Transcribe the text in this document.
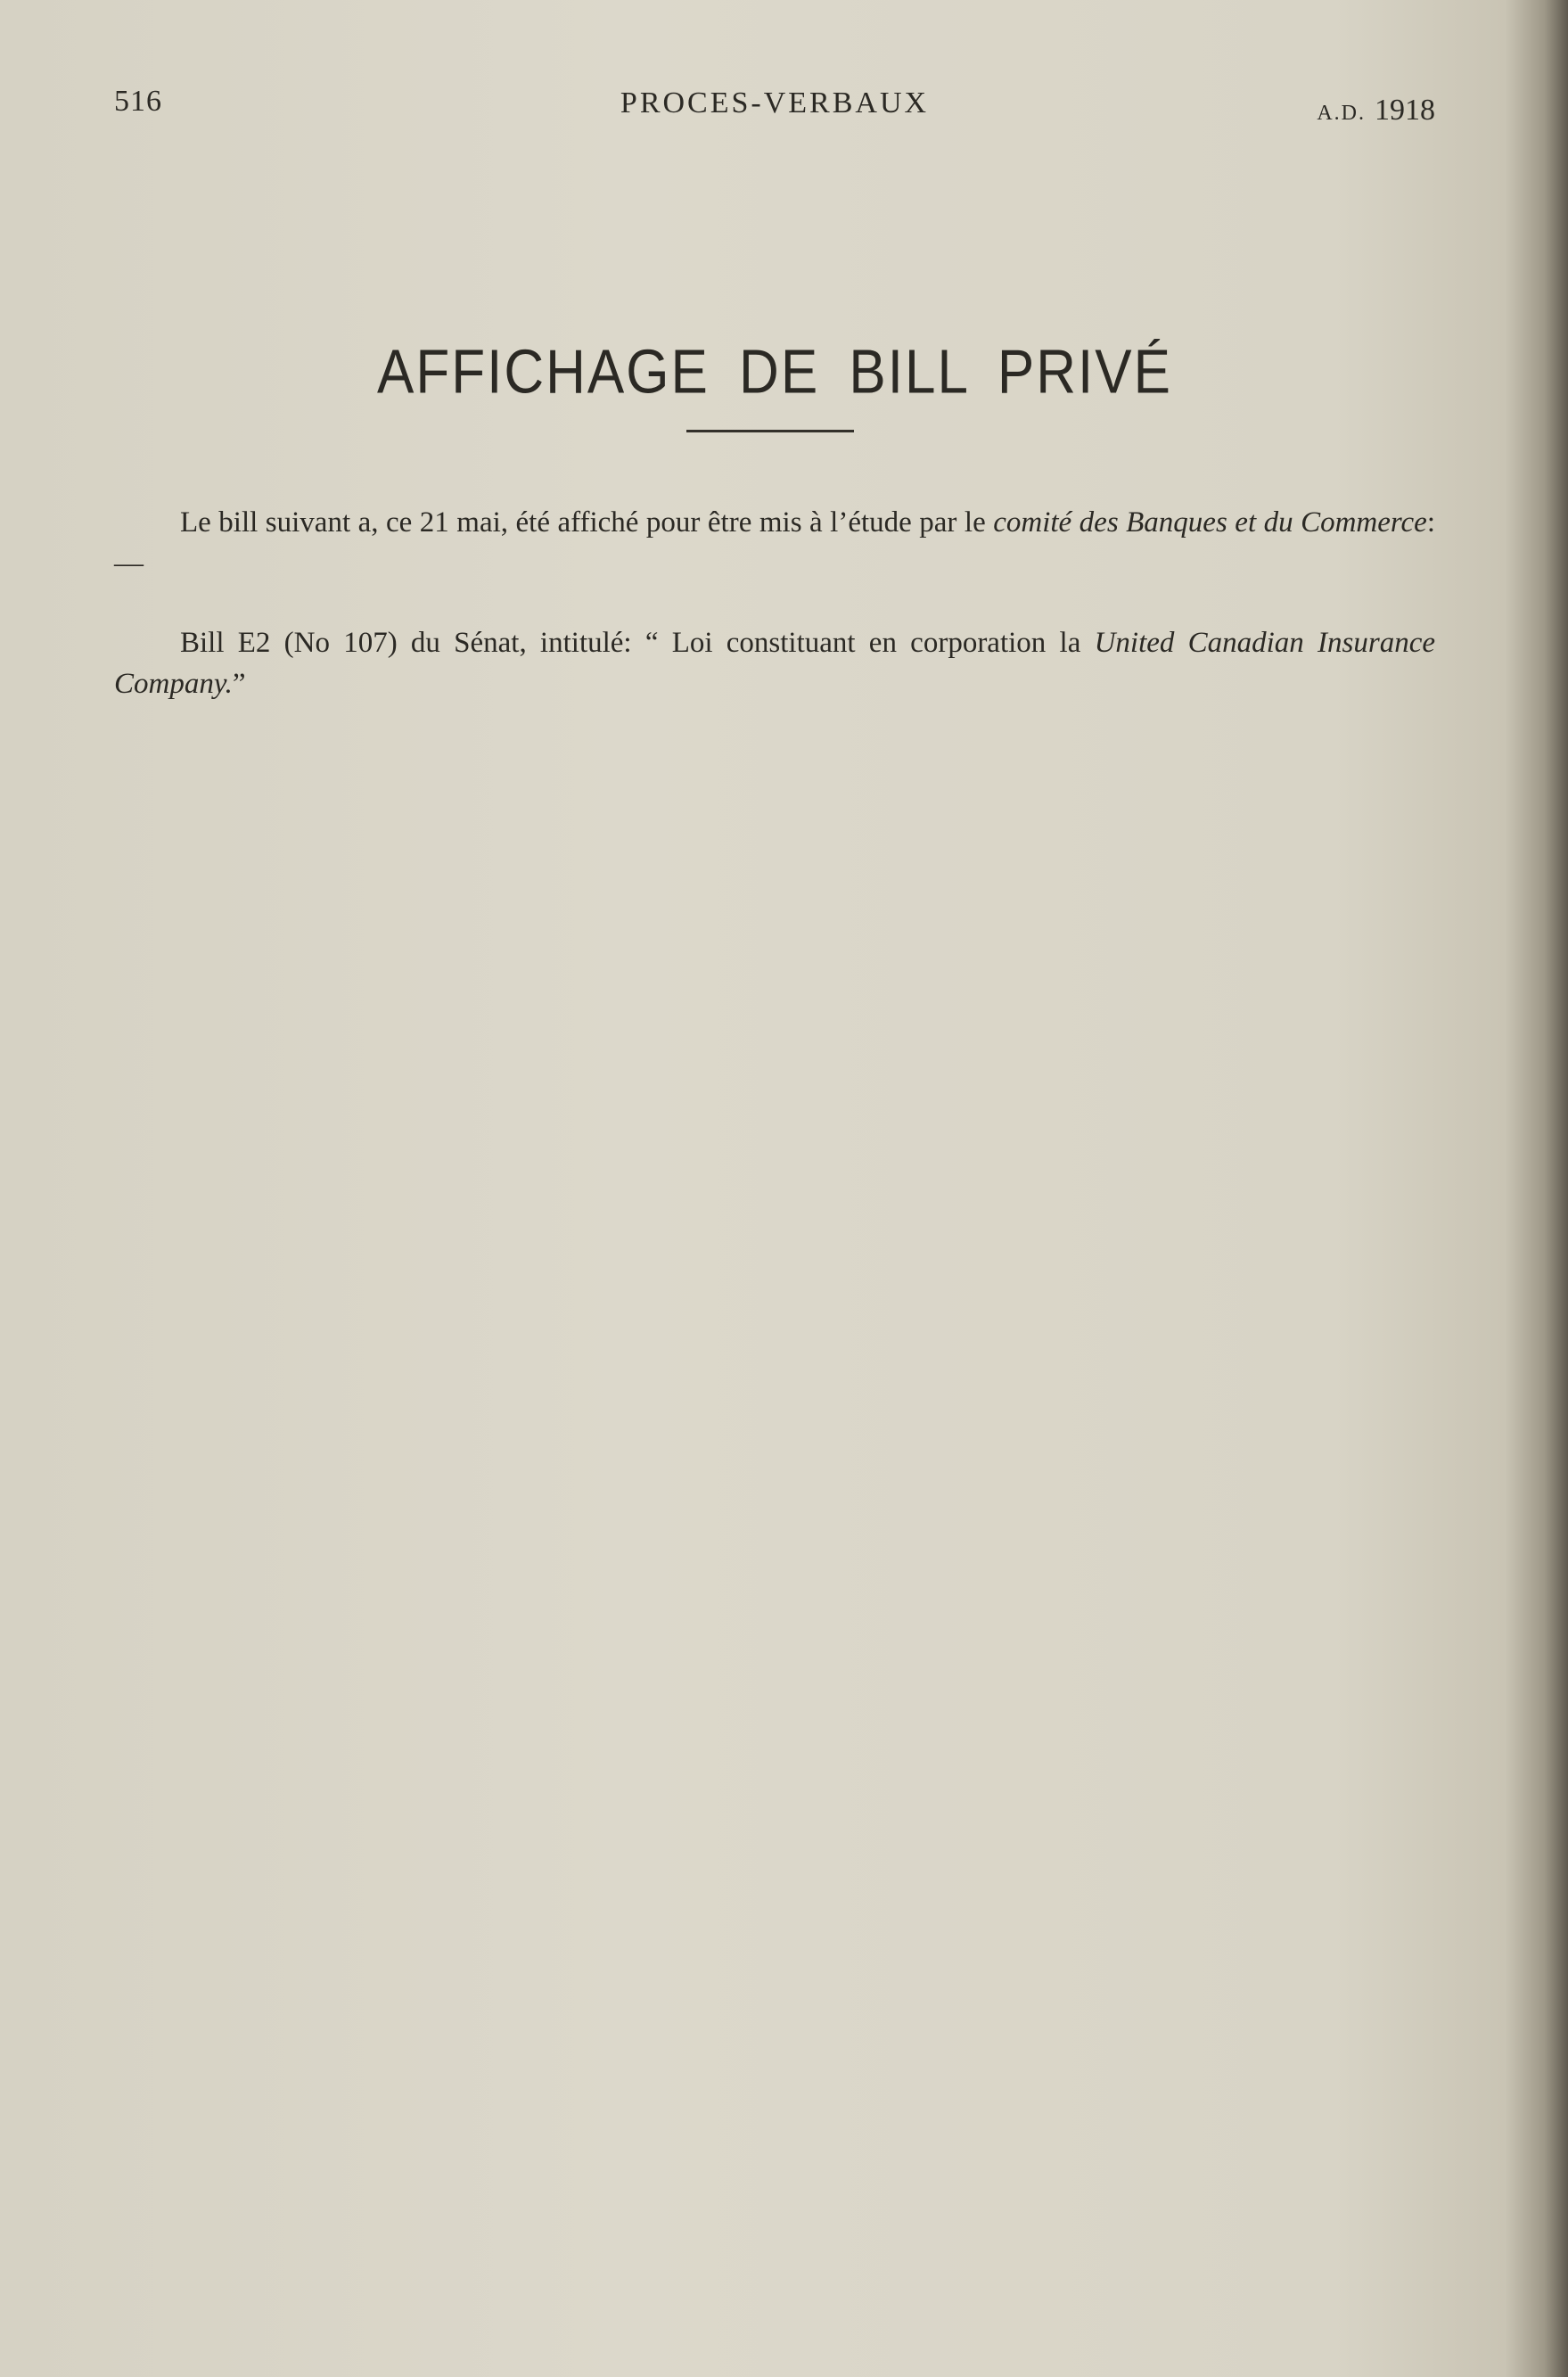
516	PROCES-VERBAUX	A.D. 1918
AFFICHAGE DE BILL PRIVÉ

Le bill suivant a, ce 21 mai, été affiché pour être mis à l’étude par le comité des Banques et du Commerce:—

Bill E2 (No 107) du Sénat, intitulé: “ Loi constituant en corporation la United Canadian Insurance Company.”
